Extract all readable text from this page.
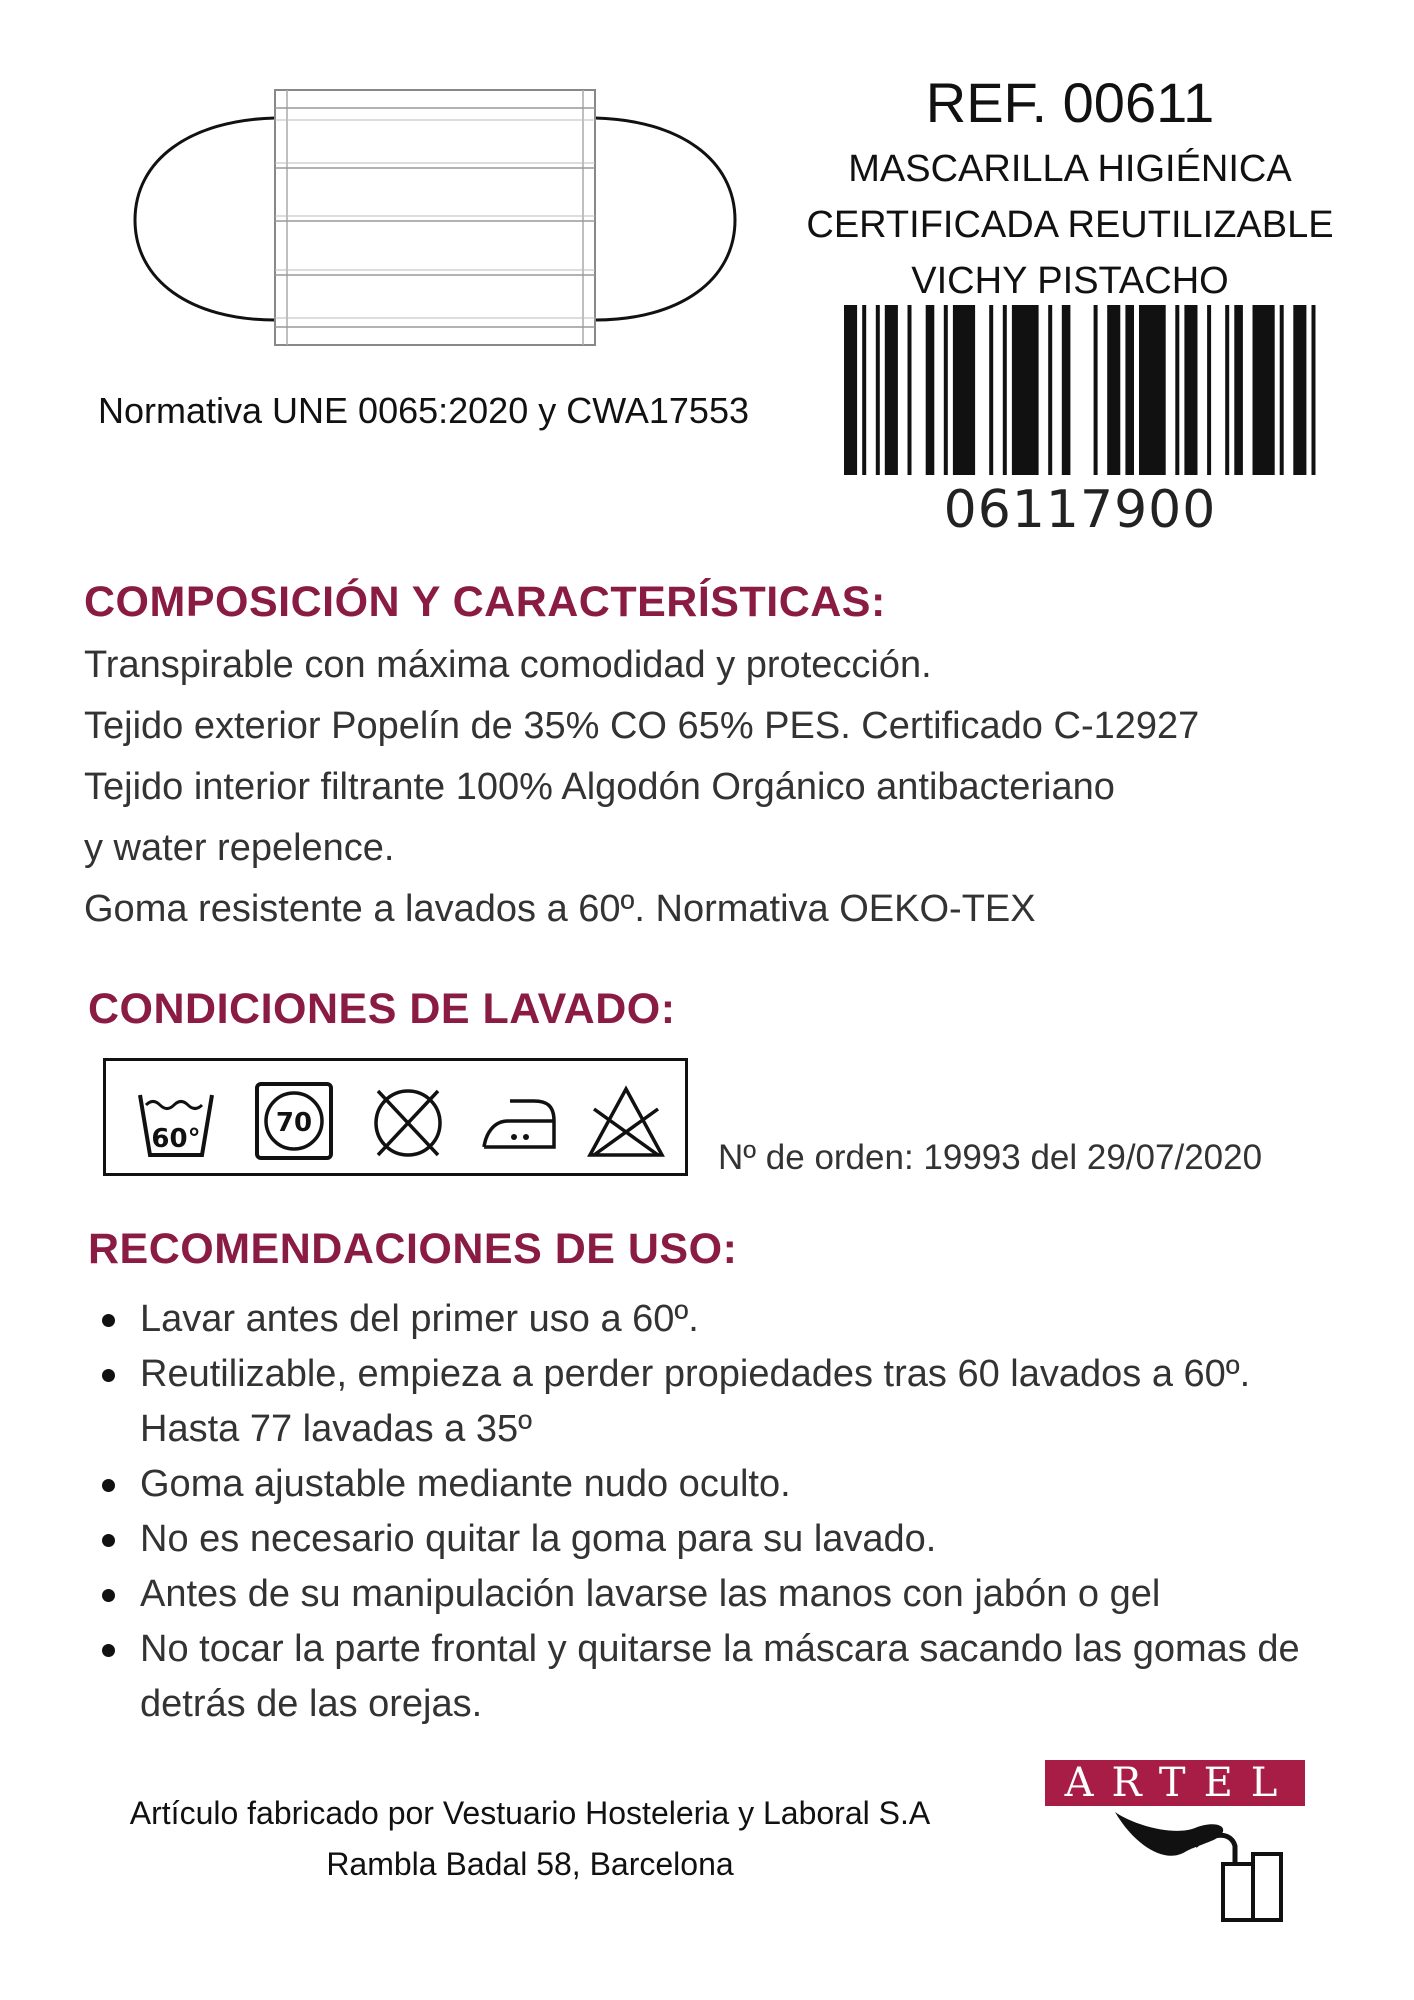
REF. 00611
MASCARILLA HIGIÉNICA
CERTIFICADA REUTILIZABLE
VICHY PISTACHO
06117900
Normativa UNE 0065:2020 y CWA17553
COMPOSICIÓN Y CARACTERÍSTICAS:
Transpirable con máxima comodidad y protección.
Tejido exterior Popelín de 35% CO 65% PES. Certificado C-12927
Tejido interior filtrante 100% Algodón Orgánico antibacteriano
y water repelence.
Goma resistente a lavados a 60º. Normativa OEKO-TEX
CONDICIONES DE LAVADO:
60°
70
Nº de orden: 19993 del 29/07/2020
RECOMENDACIONES DE USO:
Lavar antes del primer uso a 60º.
Reutilizable, empieza a perder propiedades tras 60 lavados a 60º.
Hasta 77 lavadas a 35º
Goma ajustable mediante nudo oculto.
No es necesario quitar la goma para su lavado.
Antes de su manipulación lavarse las manos con jabón o gel
No tocar la parte frontal y quitarse la máscara sacando las gomas de
detrás de las orejas.
Artículo fabricado por Vestuario Hosteleria y Laboral S.A
Rambla Badal 58, Barcelona
ARTEL
